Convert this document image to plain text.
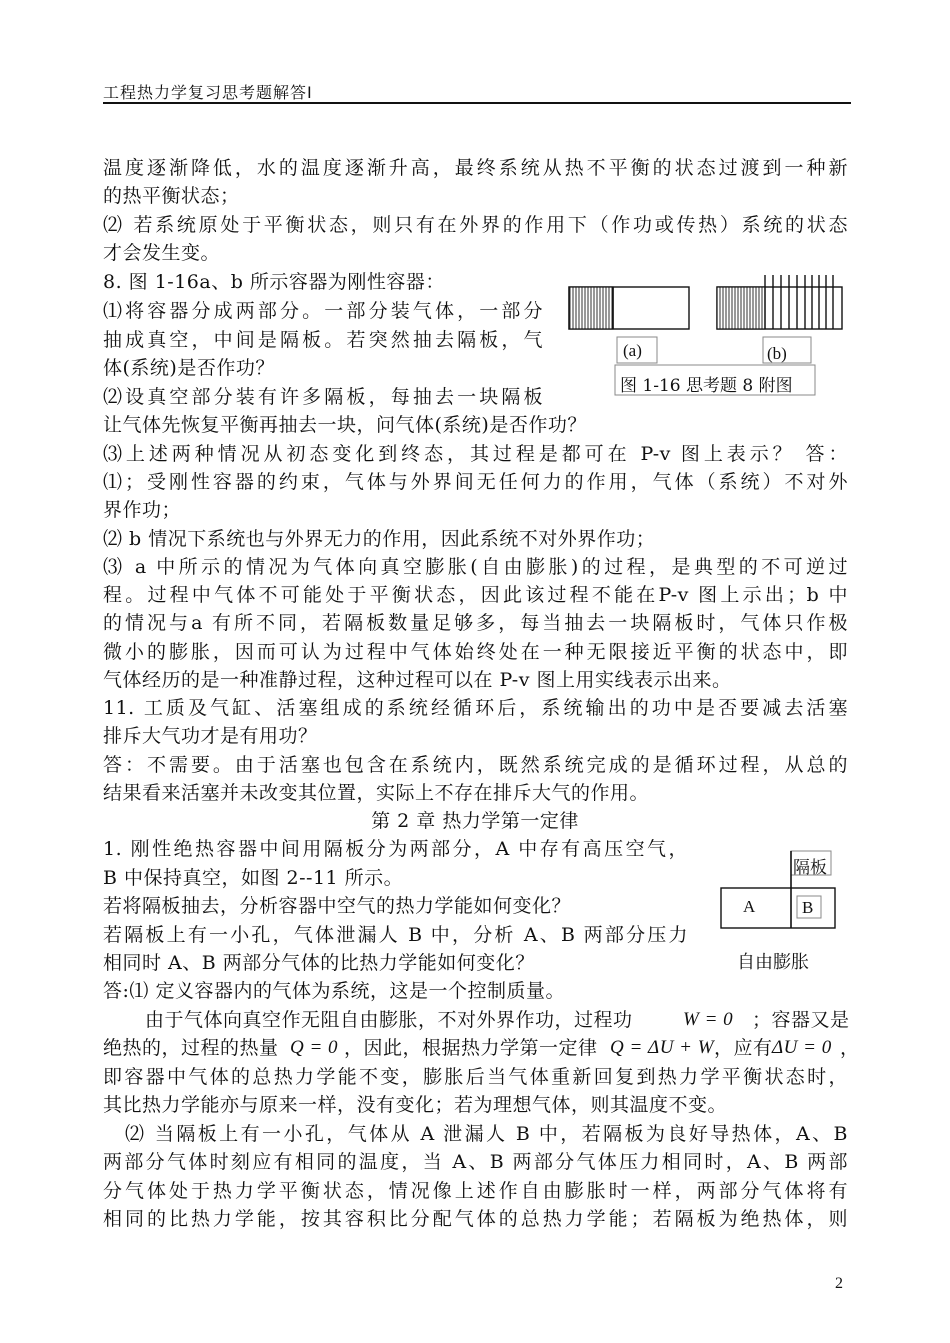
工程热力学复习思考题解答Ⅰ
温度逐渐降低，水的温度逐渐升高，最终系统从热不平衡的状态过渡到一种新
的热平衡状态；
⑵ 若系统原处于平衡状态，则只有在外界的作用下（作功或传热）系统的状态
才会发生变。
8. 图 1-16a、b 所示容器为刚性容器：
⑴将容器分成两部分。一部分装气体，一部分
抽成真空，中间是隔板。若突然抽去隔板，气
体(系统)是否作功？
⑵设真空部分装有许多隔板，每抽去一块隔板
让气体先恢复平衡再抽去一块，问气体(系统)是否作功？
⑶上述两种情况从初态变化到终态，其过程是都可在 P-v 图上表示？ 答：
⑴；受刚性容器的约束，气体与外界间无任何力的作用，气体（系统）不对外
界作功；
⑵ b 情况下系统也与外界无力的作用，因此系统不对外界作功；
⑶ a 中所示的情况为气体向真空膨胀(自由膨胀)的过程，是典型的不可逆过
程。过程中气体不可能处于平衡状态，因此该过程不能在P-v 图上示出；b 中
的情况与a 有所不同，若隔板数量足够多，每当抽去一块隔板时，气体只作极
微小的膨胀，因而可认为过程中气体始终处在一种无限接近平衡的状态中，即
气体经历的是一种准静过程，这种过程可以在 P-v 图上用实线表示出来。
11. 工质及气缸、活塞组成的系统经循环后，系统输出的功中是否要减去活塞
排斥大气功才是有用功？
答：不需要。由于活塞也包含在系统内，既然系统完成的是循环过程，从总的
结果看来活塞并未改变其位置，实际上不存在排斥大气的作用。
第 2 章 热力学第一定律
1. 刚性绝热容器中间用隔板分为两部分，A 中存有高压空气，
B 中保持真空，如图 2--11 所示。
若将隔板抽去，分析容器中空气的热力学能如何变化？
若隔板上有一小孔，气体泄漏人 B 中，分析 A、B 两部分压力
相同时 A、B 两部分气体的比热力学能如何变化？
答:⑴ 定义容器内的气体为系统，这是一个控制质量。
由于气体向真空作无阻自由膨胀，不对外界作功，过程功	W = 0 ；容器又是
绝热的，过程的热量 Q = 0 ，因此，根据热力学第一定律 Q = ΔU + W ，应有 ΔU = 0 ，
即容器中气体的总热力学能不变，膨胀后当气体重新回复到热力学平衡状态时，
其比热力学能亦与原来一样，没有变化；若为理想气体，则其温度不变。
⑵ 当隔板上有一小孔，气体从 A 泄漏人 B 中，若隔板为良好导热体，A、B
两部分气体时刻应有相同的温度，当 A、B 两部分气体压力相同时，A、B 两部
分气体处于热力学平衡状态，情况像上述作自由膨胀时一样，两部分气体将有
相同的比热力学能，按其容积比分配气体的总热力学能；若隔板为绝热体，则
(a)	(b)
图 1-16 思考题 8 附图
隔板
A	B
自由膨胀
2
